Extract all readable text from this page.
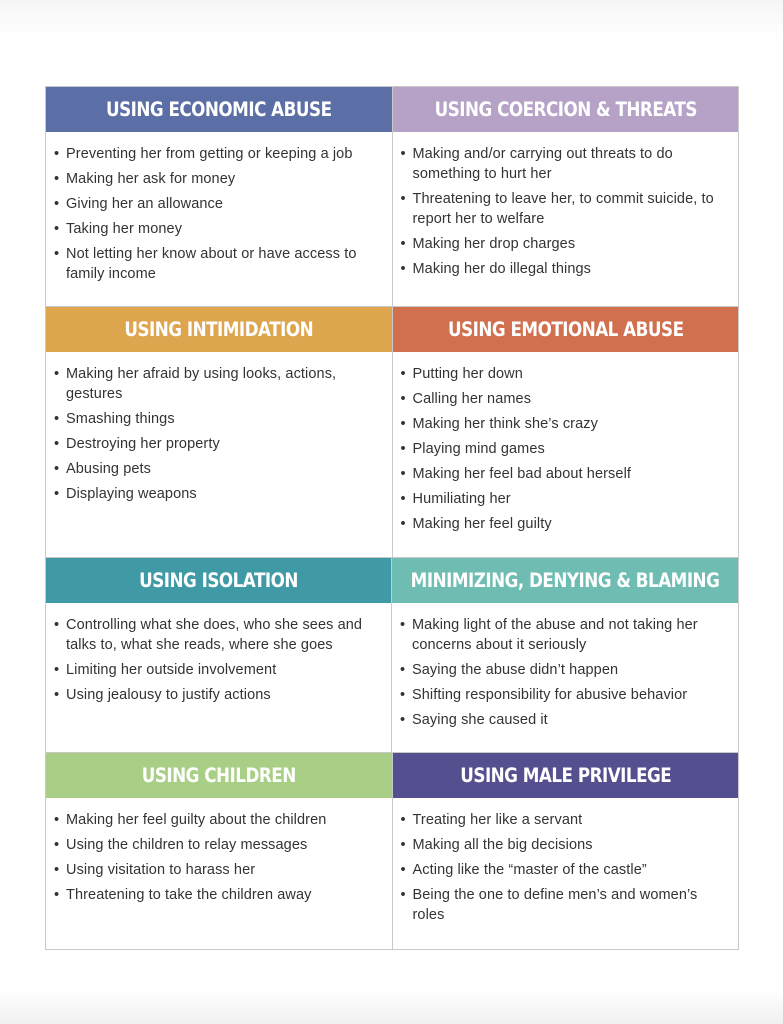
USING ECONOMIC ABUSE
• Preventing her from getting or keeping a job
• Making her ask for money
• Giving her an allowance
• Taking her money
• Not letting her know about or have access to family income
USING COERCION & THREATS
• Making and/or carrying out threats to do something to hurt her
• Threatening to leave her, to commit suicide, to report her to welfare
• Making her drop charges
• Making her do illegal things
USING INTIMIDATION
• Making her afraid by using looks, actions, gestures
• Smashing things
• Destroying her property
• Abusing pets
• Displaying weapons
USING EMOTIONAL ABUSE
• Putting her down
• Calling her names
• Making her think she’s crazy
• Playing mind games
• Making her feel bad about herself
• Humiliating her
• Making her feel guilty
USING ISOLATION
• Controlling what she does, who she sees and talks to, what she reads, where she goes
• Limiting her outside involvement
• Using jealousy to justify actions
MINIMIZING, DENYING & BLAMING
• Making light of the abuse and not taking her concerns about it seriously
• Saying the abuse didn’t happen
• Shifting responsibility for abusive behavior
• Saying she caused it
USING CHILDREN
• Making her feel guilty about the children
• Using the children to relay messages
• Using visitation to harass her
• Threatening to take the children away
USING MALE PRIVILEGE
• Treating her like a servant
• Making all the big decisions
• Acting like the “master of the castle”
• Being the one to define men’s and women’s roles
